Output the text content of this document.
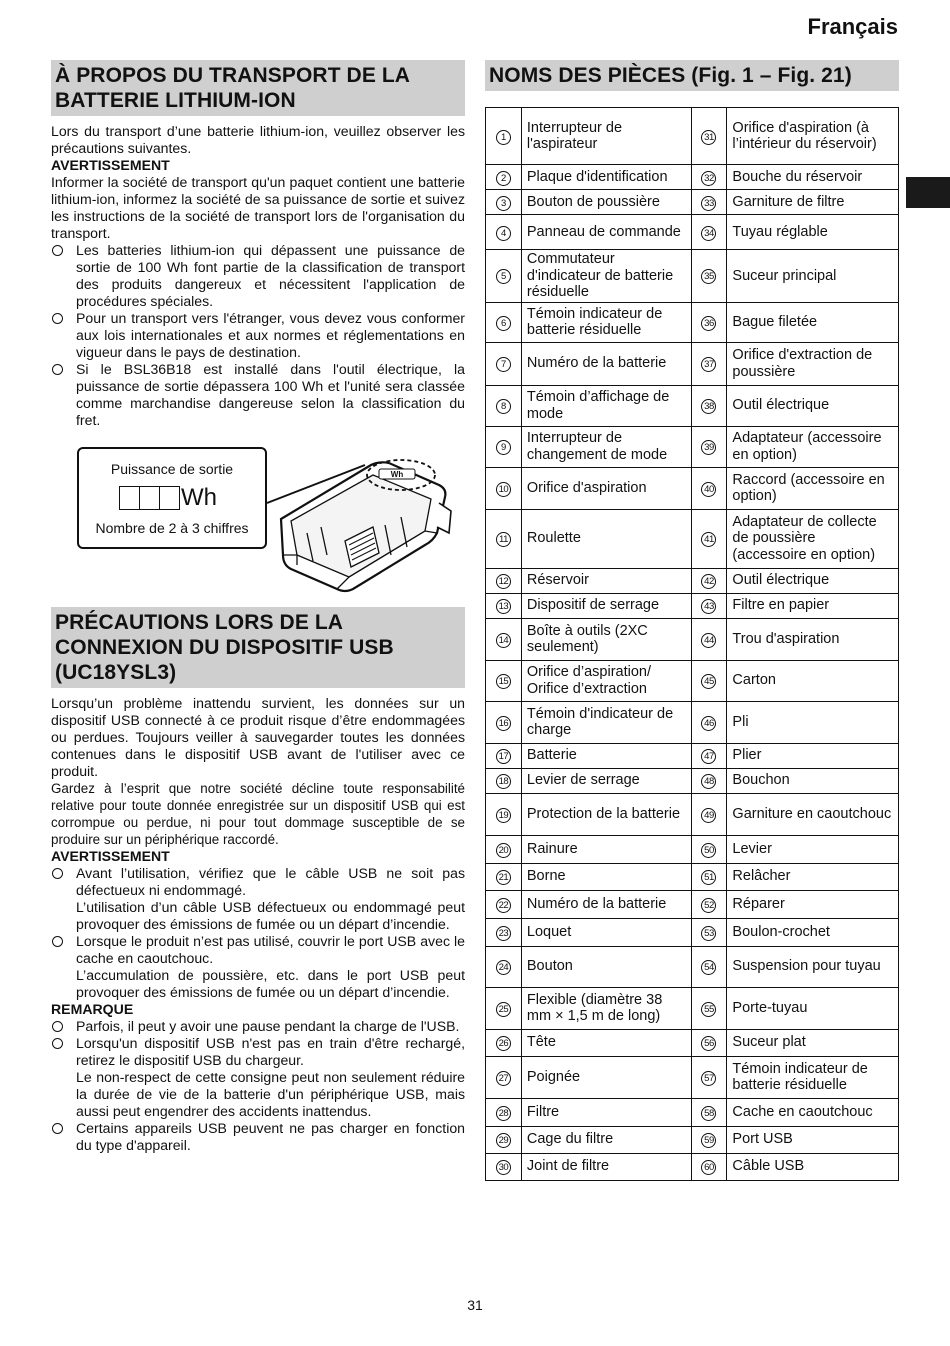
Français
À PROPOS DU TRANSPORT DE LA
BATTERIE LITHIUM-ION

Lors du transport d’une batterie lithium-ion, veuillez observer les précautions suivantes.

AVERTISSEMENT

Informer la société de transport qu'un paquet contient une batterie lithium-ion, informez la société de sa puissance de sortie et suivez les instructions de la société de transport lors de l'organisation du transport.

Les batteries lithium-ion qui dépassent une puissance de sortie de 100 Wh font partie de la classification de transport des produits dangereux et nécessitent l'application de procédures spéciales.
Pour un transport vers l'étranger, vous devez vous conformer aux lois internationales et aux normes et réglementations en vigueur dans le pays de destination.
Si le BSL36B18 est installé dans l'outil électrique, la puissance de sortie dépassera 100 Wh et l'unité sera classée comme marchandise dangereuse selon la classification du fret.
Puissance de sortie
Wh
Nombre de 2 à 3 chiffres
Wh
PRÉCAUTIONS LORS DE LA
CONNEXION DU DISPOSITIF USB
(UC18YSL3)

Lorsqu’un problème inattendu survient, les données sur un dispositif USB connecté à ce produit risque d’être endommagées ou perdues. Toujours veiller à sauvegarder toutes les données contenues dans le dispositif USB avant de l'utiliser avec ce produit.

Gardez à l’esprit que notre société décline toute responsabilité relative pour toute donnée enregistrée sur un dispositif USB qui est corrompue ou perdue, ni pour tout dommage susceptible de se produire sur un périphérique raccordé.

AVERTISSEMENT

Avant l’utilisation, vérifiez que le câble USB ne soit pas défectueux ni endommagé.
L’utilisation d’un câble USB défectueux ou endommagé peut provoquer des émissions de fumée ou un départ d’incendie.
Lorsque le produit n’est pas utilisé, couvrir le port USB avec le cache en caoutchouc.
L’accumulation de poussière, etc. dans le port USB peut provoquer des émissions de fumée ou un départ d’incendie.

REMARQUE

Parfois, il peut y avoir une pause pendant la charge de l'USB.
Lorsqu'un dispositif USB n'est pas en train d'être rechargé, retirez le dispositif USB du chargeur.
Le non-respect de cette consigne peut non seulement réduire la durée de vie de la batterie d'un périphérique USB, mais aussi peut engendrer des accidents inattendus.
Certains appareils USB peuvent ne pas charger en fonction du type d'appareil.
NOMS DES PIÈCES (Fig. 1 – Fig. 21)
1	Interrupteur de l'aspirateur	31	Orifice d'aspiration (à l’intérieur du réservoir)
2	Plaque d'identification	32	Bouche du réservoir
3	Bouton de poussière	33	Garniture de filtre
4	Panneau de commande	34	Tuyau réglable
5	Commutateur d'indicateur de batterie résiduelle	35	Suceur principal
6	Témoin indicateur de batterie résiduelle	36	Bague filetée
7	Numéro de la batterie	37	Orifice d'extraction de poussière
8	Témoin d’affichage de mode	38	Outil électrique
9	Interrupteur de changement de mode	39	Adaptateur (accessoire en option)
10	Orifice d'aspiration	40	Raccord (accessoire en option)
11	Roulette	41	Adaptateur de collecte de poussière (accessoire en option)
12	Réservoir	42	Outil électrique
13	Dispositif de serrage	43	Filtre en papier
14	Boîte à outils (2XC seulement)	44	Trou d'aspiration
15	Orifice d’aspiration/ Orifice d’extraction	45	Carton
16	Témoin d'indicateur de charge	46	Pli
17	Batterie	47	Plier
18	Levier de serrage	48	Bouchon
19	Protection de la batterie	49	Garniture en caoutchouc
20	Rainure	50	Levier
21	Borne	51	Relâcher
22	Numéro de la batterie	52	Réparer
23	Loquet	53	Boulon-crochet
24	Bouton	54	Suspension pour tuyau
25	Flexible (diamètre 38 mm × 1,5 m de long)	55	Porte-tuyau
26	Tête	56	Suceur plat
27	Poignée	57	Témoin indicateur de batterie résiduelle
28	Filtre	58	Cache en caoutchouc
29	Cage du filtre	59	Port USB
30	Joint de filtre	60	Câble USB
31
